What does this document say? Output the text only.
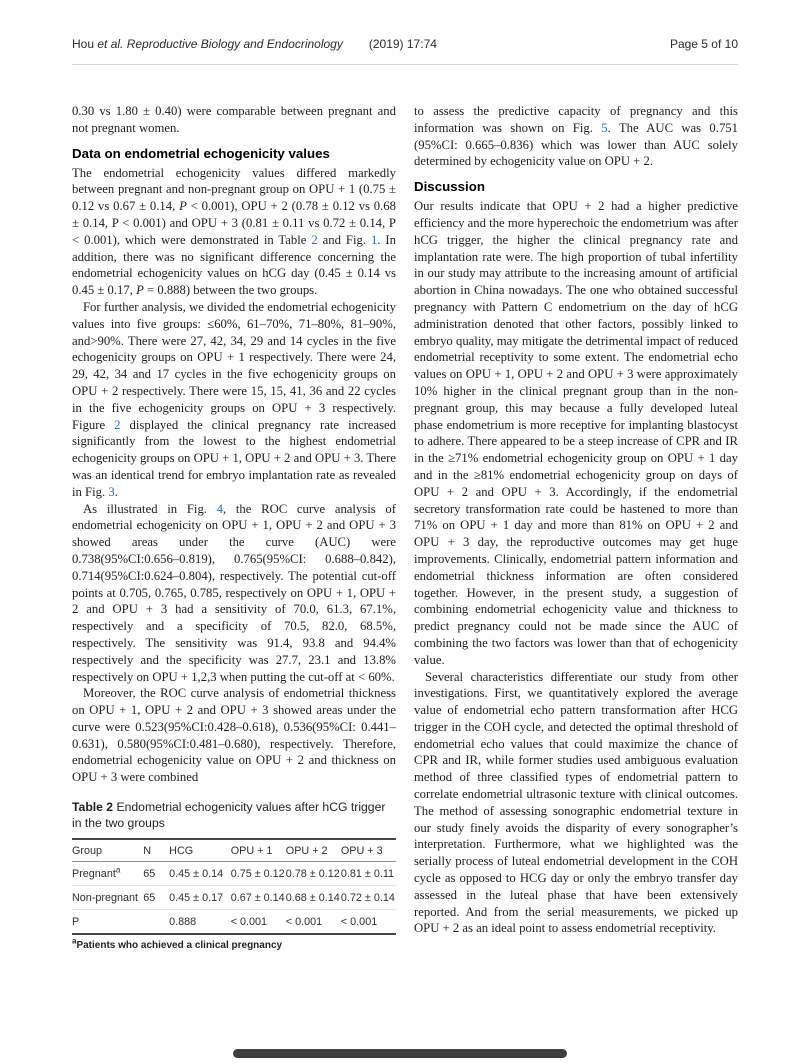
Hou et al. Reproductive Biology and Endocrinology (2019) 17:74	Page 5 of 10

0.30 vs 1.80 ± 0.40) were comparable between pregnant and not pregnant women.

Data on endometrial echogenicity values

The endometrial echogenicity values differed markedly between pregnant and non-pregnant group on OPU + 1 (0.75 ± 0.12 vs 0.67 ± 0.14, P < 0.001), OPU + 2 (0.78 ± 0.12 vs 0.68 ± 0.14, P < 0.001) and OPU + 3 (0.81 ± 0.11 vs 0.72 ± 0.14, P < 0.001), which were demonstrated in Table 2 and Fig. 1. In addition, there was no significant difference concerning the endometrial echogenicity values on hCG day (0.45 ± 0.14 vs 0.45 ± 0.17, P = 0.888) between the two groups.

For further analysis, we divided the endometrial echogenicity values into five groups: ≤60%, 61–70%, 71–80%, 81–90%, and>90%. There were 27, 42, 34, 29 and 14 cycles in the five echogenicity groups on OPU + 1 respectively. There were 24, 29, 42, 34 and 17 cycles in the five echogenicity groups on OPU + 2 respectively. There were 15, 15, 41, 36 and 22 cycles in the five echogenicity groups on OPU + 3 respectively. Figure 2 displayed the clinical pregnancy rate increased significantly from the lowest to the highest endometrial echogenicity groups on OPU + 1, OPU + 2 and OPU + 3. There was an identical trend for embryo implantation rate as revealed in Fig. 3.

As illustrated in Fig. 4, the ROC curve analysis of endometrial echogenicity on OPU + 1, OPU + 2 and OPU + 3 showed areas under the curve (AUC) were 0.738(95%CI:0.656–0.819), 0.765(95%CI: 0.688–0.842), 0.714(95%CI:0.624–0.804), respectively. The potential cut-off points at 0.705, 0.765, 0.785, respectively on OPU + 1, OPU + 2 and OPU + 3 had a sensitivity of 70.0, 61.3, 67.1%, respectively and a specificity of 70.5, 82.0, 68.5%, respectively. The sensitivity was 91.4, 93.8 and 94.4% respectively and the specificity was 27.7, 23.1 and 13.8% respectively on OPU + 1,2,3 when putting the cut-off at < 60%.

Moreover, the ROC curve analysis of endometrial thickness on OPU + 1, OPU + 2 and OPU + 3 showed areas under the curve were 0.523(95%CI:0.428–0.618), 0.536(95%CI: 0.441–0.631), 0.580(95%CI:0.481–0.680), respectively. Therefore, endometrial echogenicity value on OPU + 2 and thickness on OPU + 3 were combined

Table 2 Endometrial echogenicity values after hCG trigger in the two groups
Group	N	HCG	OPU + 1	OPU + 2	OPU + 3
Pregnant$^a$	65	0.45 ± 0.14	0.75 ± 0.12	0.78 ± 0.12	0.81 ± 0.11
Non-pregnant	65	0.45 ± 0.17	0.67 ± 0.14	0.68 ± 0.14	0.72 ± 0.14
P		0.888	< 0.001	< 0.001	< 0.001
$^a$Patients who achieved a clinical pregnancy

to assess the predictive capacity of pregnancy and this information was shown on Fig. 5. The AUC was 0.751 (95%CI: 0.665–0.836) which was lower than AUC solely determined by echogenicity value on OPU + 2.

Discussion

Our results indicate that OPU + 2 had a higher predictive efficiency and the more hyperechoic the endometrium was after hCG trigger, the higher the clinical pregnancy rate and implantation rate were. The high proportion of tubal infertility in our study may attribute to the increasing amount of artificial abortion in China nowadays. The one who obtained successful pregnancy with Pattern C endometrium on the day of hCG administration denoted that other factors, possibly linked to embryo quality, may mitigate the detrimental impact of reduced endometrial receptivity to some extent. The endometrial echo values on OPU + 1, OPU + 2 and OPU + 3 were approximately 10% higher in the clinical pregnant group than in the non-pregnant group, this may because a fully developed luteal phase endometrium is more receptive for implanting blastocyst to adhere. There appeared to be a steep increase of CPR and IR in the ≥71% endometrial echogenicity group on OPU + 1 day and in the ≥81% endometrial echogenicity group on days of OPU + 2 and OPU + 3. Accordingly, if the endometrial secretory transformation rate could be hastened to more than 71% on OPU + 1 day and more than 81% on OPU + 2 and OPU + 3 day, the reproductive outcomes may get huge improvements. Clinically, endometrial pattern information and endometrial thickness information are often considered together. However, in the present study, a suggestion of combining endometrial echogenicity value and thickness to predict pregnancy could not be made since the AUC of combining the two factors was lower than that of echogenicity value.

Several characteristics differentiate our study from other investigations. First, we quantitatively explored the average value of endometrial echo pattern transformation after HCG trigger in the COH cycle, and detected the optimal threshold of endometrial echo values that could maximize the chance of CPR and IR, while former studies used ambiguous evaluation method of three classified types of endometrial pattern to correlate endometrial ultrasonic texture with clinical outcomes. The method of assessing sonographic endometrial texture in our study finely avoids the disparity of every sonographer’s interpretation. Furthermore, what we highlighted was the serially process of luteal endometrial development in the COH cycle as opposed to HCG day or only the embryo transfer day assessed in the luteal phase that have been extensively reported. And from the serial measurements, we picked up OPU + 2 as an ideal point to assess endometrial receptivity.
